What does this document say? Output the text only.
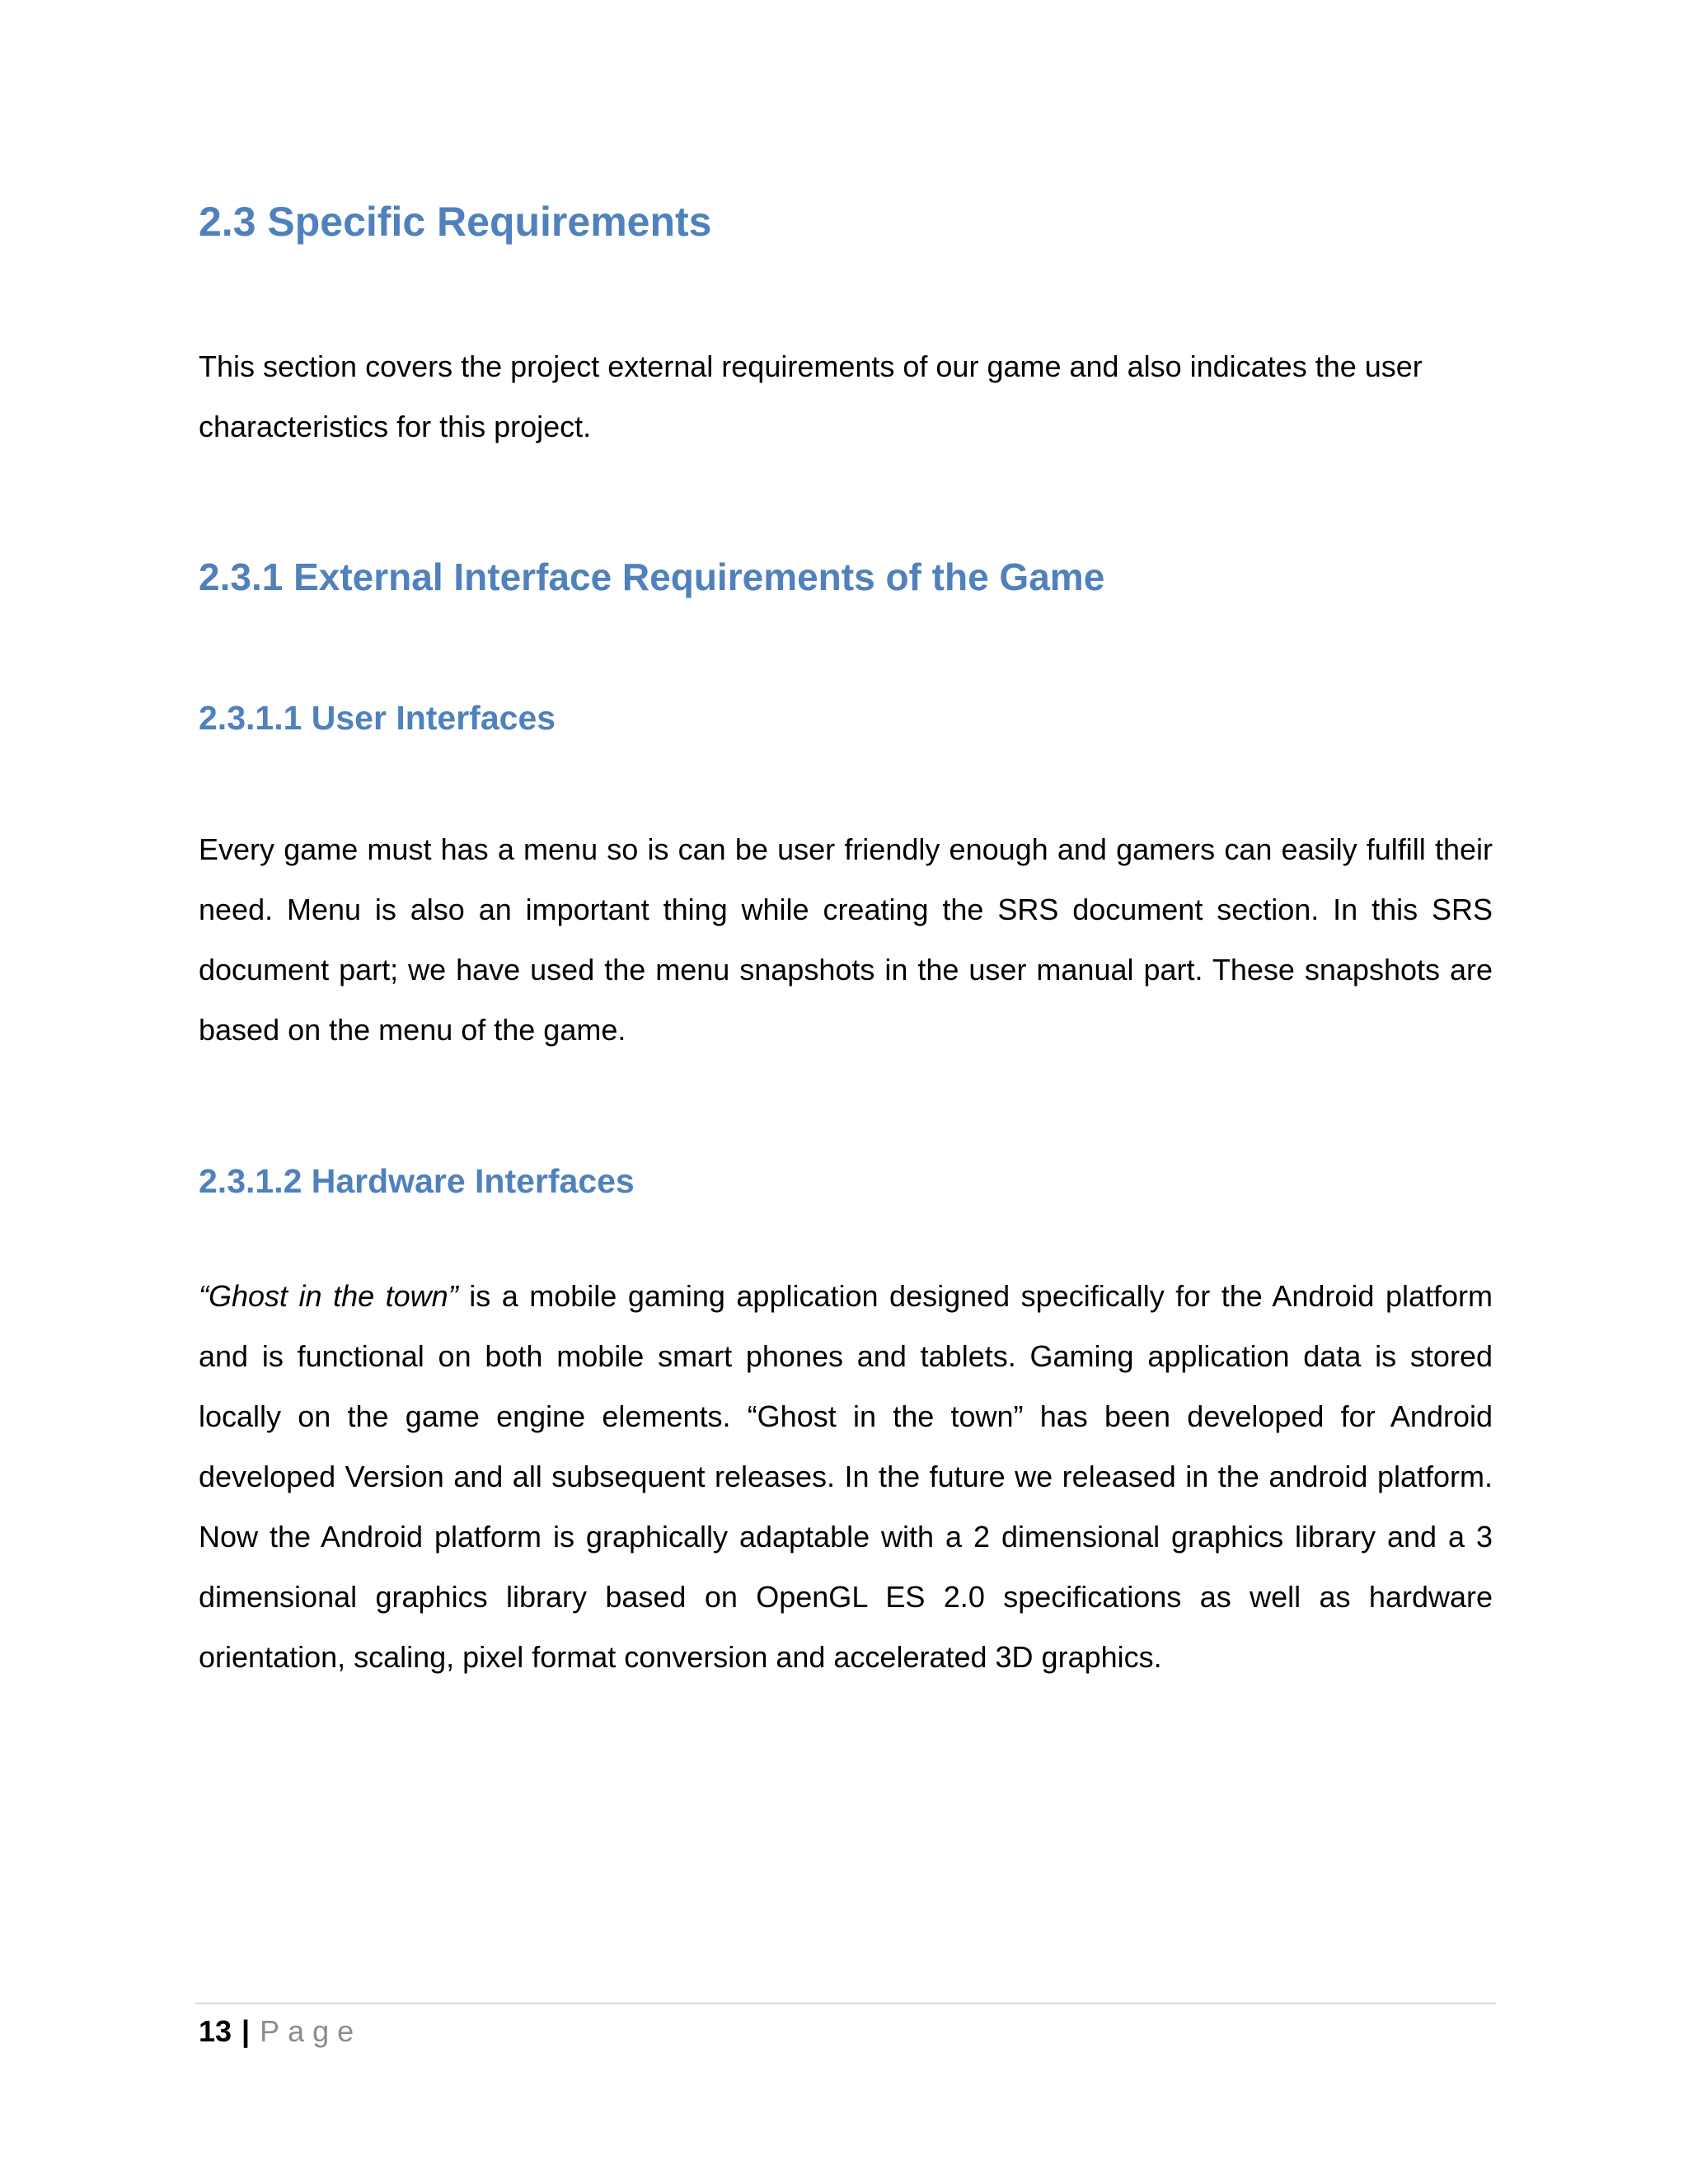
2.3 Specific Requirements

This section covers the project external requirements of our game and also indicates the user characteristics for this project.

2.3.1 External Interface Requirements of the Game
2.3.1.1 User Interfaces

Every game must has a menu so is can be user friendly enough and gamers can easily fulfill their need. Menu is also an important thing while creating the SRS document section. In this SRS document part; we have used the menu snapshots in the user manual part. These snapshots are based on the menu of the game.

2.3.1.2 Hardware Interfaces

“Ghost in the town” is a mobile gaming application designed specifically for the Android platform and is functional on both mobile smart phones and tablets. Gaming application data is stored locally on the game engine elements. “Ghost in the town” has been developed for Android developed Version and all subsequent releases. In the future we released in the android platform. Now the Android platform is graphically adaptable with a 2 dimensional graphics library and a 3 dimensional graphics library based on OpenGL ES 2.0 specifications as well as hardware orientation, scaling, pixel format conversion and accelerated 3D graphics.

13 | Page
